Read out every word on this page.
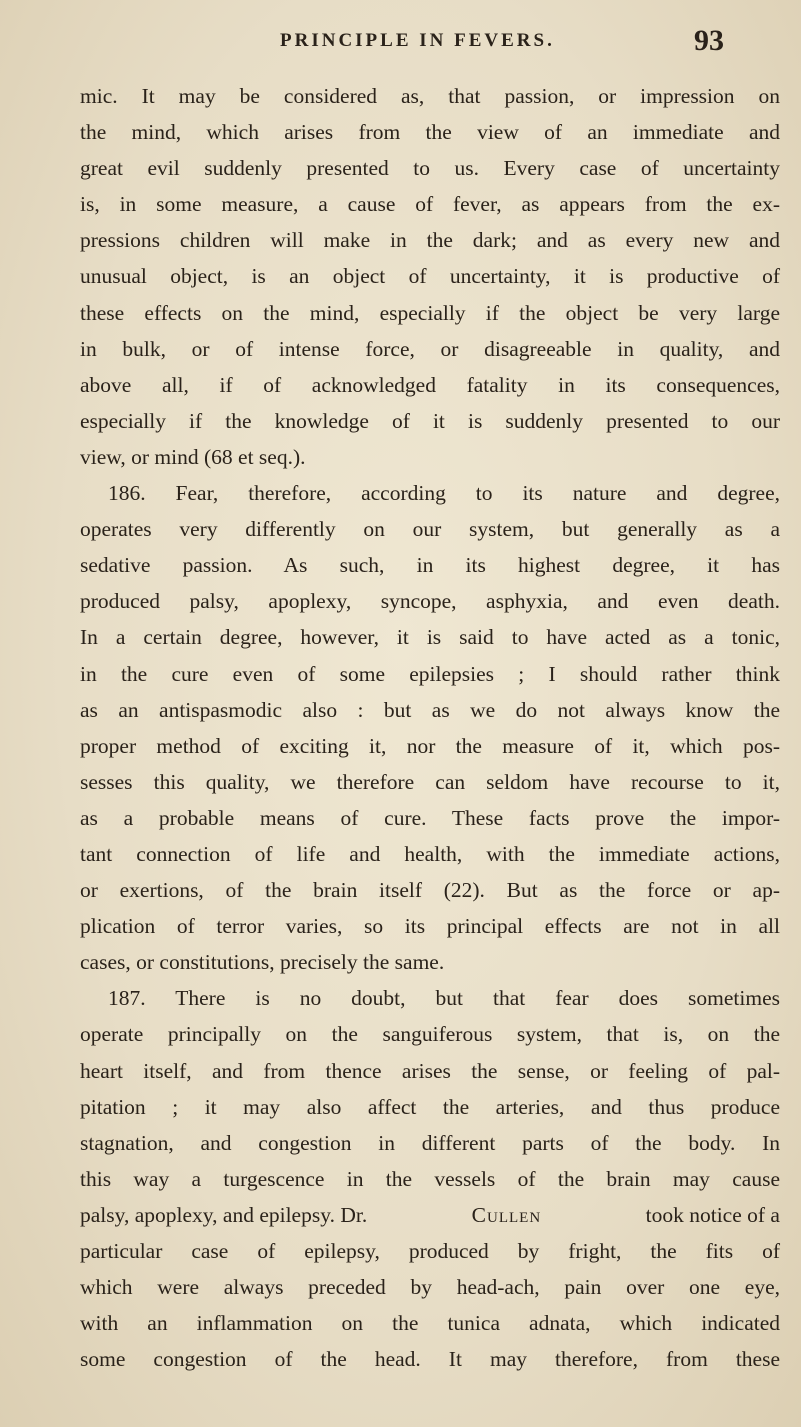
PRINCIPLE IN FEVERS.	93
mic. It may be considered as, that passion, or impression on
the mind, which arises from the view of an immediate and
great evil suddenly presented to us. Every case of uncertainty
is, in some measure, a cause of fever, as appears from the ex-
pressions children will make in the dark; and as every new and
unusual object, is an object of uncertainty, it is productive of
these effects on the mind, especially if the object be very large
in bulk, or of intense force, or disagreeable in quality, and
above all, if of acknowledged fatality in its consequences,
especially if the knowledge of it is suddenly presented to our
view, or mind (68 et seq.).
186. Fear, therefore, according to its nature and degree,
operates very differently on our system, but generally as a
sedative passion. As such, in its highest degree, it has
produced palsy, apoplexy, syncope, asphyxia, and even death.
In a certain degree, however, it is said to have acted as a tonic,
in the cure even of some epilepsies ; I should rather think
as an antispasmodic also : but as we do not always know the
proper method of exciting it, nor the measure of it, which pos-
sesses this quality, we therefore can seldom have recourse to it,
as a probable means of cure. These facts prove the impor-
tant connection of life and health, with the immediate actions,
or exertions, of the brain itself (22). But as the force or ap-
plication of terror varies, so its principal effects are not in all
cases, or constitutions, precisely the same.
187. There is no doubt, but that fear does sometimes
operate principally on the sanguiferous system, that is, on the
heart itself, and from thence arises the sense, or feeling of pal-
pitation ; it may also affect the arteries, and thus produce
stagnation, and congestion in different parts of the body. In
this way a turgescence in the vessels of the brain may cause
palsy, apoplexy, and epilepsy. Dr.	Cullen	took notice of a
particular case of epilepsy, produced by fright, the fits of
which were always preceded by head-ach, pain over one eye,
with an inflammation on the tunica adnata, which indicated
some congestion of the head. It may therefore, from these
